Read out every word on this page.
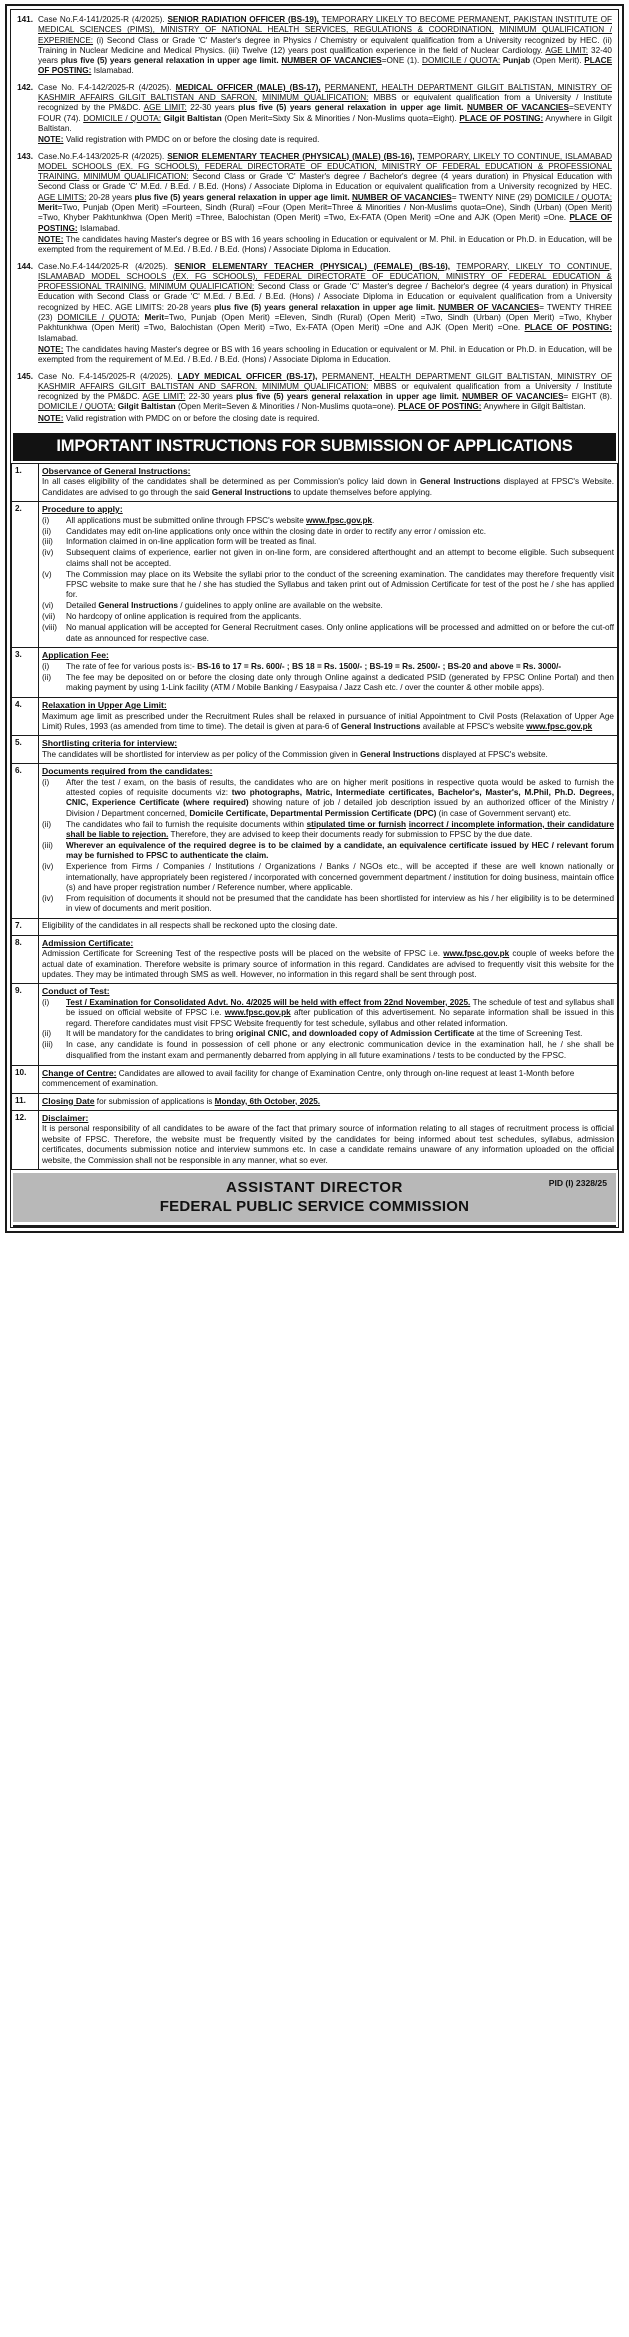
141. Case No.F.4-141/2025-R (4/2025). SENIOR RADIATION OFFICER (BS-19), TEMPORARY LIKELY TO BECOME PERMANENT, PAKISTAN INSTITUTE OF MEDICAL SCIENCES (PIMS), MINISTRY OF NATIONAL HEALTH SERVICES, REGULATIONS & COORDINATION. MINIMUM QUALIFICATION / EXPERIENCE: (i) Second Class or Grade 'C' Master's degree in Physics / Chemistry or equivalent qualification from a University recognized by HEC. (ii) Training in Nuclear Medicine and Medical Physics. (iii) Twelve (12) years post qualification experience in the field of Nuclear Cardiology. AGE LIMIT: 32-40 years plus five (5) years general relaxation in upper age limit. NUMBER OF VACANCIES=ONE (1). DOMICILE / QUOTA: Punjab (Open Merit). PLACE OF POSTING: Islamabad.
142. Case No. F.4-142/2025-R (4/2025). MEDICAL OFFICER (MALE) (BS-17), PERMANENT, HEALTH DEPARTMENT GILGIT BALTISTAN, MINISTRY OF KASHMIR AFFAIRS GILGIT BALTISTAN AND SAFRON. MINIMUM QUALIFICATION: MBBS or equivalent qualification from a University / Institute recognized by the PM&DC. AGE LIMIT: 22-30 years plus five (5) years general relaxation in upper age limit. NUMBER OF VACANCIES=SEVENTY FOUR (74). DOMICILE / QUOTA: Gilgit Baltistan (Open Merit=Sixty Six & Minorities / Non-Muslims quota=Eight). PLACE OF POSTING: Anywhere in Gilgit Baltistan.
NOTE: Valid registration with PMDC on or before the closing date is required.
143. Case.No.F.4-143/2025-R (4/2025). SENIOR ELEMENTARY TEACHER (PHYSICAL) (MALE) (BS-16), TEMPORARY, LIKELY TO CONTINUE, ISLAMABAD MODEL SCHOOLS (EX. FG SCHOOLS), FEDERAL DIRECTORATE OF EDUCATION, MINISTRY OF FEDERAL EDUCATION & PROFESSIONAL TRAINING. MINIMUM QUALIFICATION: Second Class or Grade 'C' Master's degree / Bachelor's degree (4 years duration) in Physical Education with Second Class or Grade 'C' M.Ed. / B.Ed. / B.Ed. (Hons) / Associate Diploma in Education or equivalent qualification from a University recognized by HEC. AGE LIMITS: 20-28 years plus five (5) years general relaxation in upper age limit. NUMBER OF VACANCIES= TWENTY NINE (29) DOMICILE / QUOTA: Merit=Two, Punjab (Open Merit) =Fourteen, Sindh (Rural) =Four (Open Merit=Three & Minorities / Non-Muslims quota=One), Sindh (Urban) (Open Merit) =Two, Khyber Pakhtunkhwa (Open Merit) =Three, Balochistan (Open Merit) =Two, Ex-FATA (Open Merit) =One and AJK (Open Merit) =One. PLACE OF POSTING: Islamabad.
NOTE: The candidates having Master's degree or BS with 16 years schooling in Education or equivalent or M. Phil. in Education or Ph.D. in Education, will be exempted from the requirement of M.Ed. / B.Ed. / B.Ed. (Hons) / Associate Diploma in Education.
144. Case.No.F.4-144/2025-R (4/2025). SENIOR ELEMENTARY TEACHER (PHYSICAL) (FEMALE) (BS-16), TEMPORARY, LIKELY TO CONTINUE, ISLAMABAD MODEL SCHOOLS (EX. FG SCHOOLS), FEDERAL DIRECTORATE OF EDUCATION, MINISTRY OF FEDERAL EDUCATION & PROFESSIONAL TRAINING. MINIMUM QUALIFICATION: Second Class or Grade 'C' Master's degree / Bachelor's degree (4 years duration) in Physical Education with Second Class or Grade 'C' M.Ed. / B.Ed. / B.Ed. (Hons) / Associate Diploma in Education or equivalent qualification from a University recognized by HEC. AGE LIMITS: 20-28 years plus five (5) years general relaxation in upper age limit. NUMBER OF VACANCIES= TWENTY THREE (23) DOMICILE / QUOTA: Merit=Two, Punjab (Open Merit) =Eleven, Sindh (Rural) (Open Merit) =Two, Sindh (Urban) (Open Merit) =Two, Khyber Pakhtunkhwa (Open Merit) =Two, Balochistan (Open Merit) =Two, Ex-FATA (Open Merit) =One and AJK (Open Merit) =One. PLACE OF POSTING: Islamabad.
NOTE: The candidates having Master's degree or BS with 16 years schooling in Education or equivalent or M. Phil. in Education or Ph.D. in Education, will be exempted from the requirement of M.Ed. / B.Ed. / B.Ed. (Hons) / Associate Diploma in Education.
145. Case No. F.4-145/2025-R (4/2025). LADY MEDICAL OFFICER (BS-17), PERMANENT, HEALTH DEPARTMENT GILGIT BALTISTAN, MINISTRY OF KASHMIR AFFAIRS GILGIT BALTISTAN AND SAFRON. MINIMUM QUALIFICATION: MBBS or equivalent qualification from a University / Institute recognized by the PM&DC. AGE LIMIT: 22-30 years plus five (5) years general relaxation in upper age limit. NUMBER OF VACANCIES= EIGHT (8). DOMICILE / QUOTA: Gilgit Baltistan (Open Merit=Seven & Minorities / Non-Muslims quota=one). PLACE OF POSTING: Anywhere in Gilgit Baltistan.
NOTE: Valid registration with PMDC on or before the closing date is required.
IMPORTANT INSTRUCTIONS FOR SUBMISSION OF APPLICATIONS
1.	Observance of General Instructions:
In all cases eligibility of the candidates shall be determined as per Commission's policy laid down in General Instructions displayed at FPSC's Website. Candidates are advised to go through the said General Instructions to update themselves before applying.

2.	Procedure to apply:
(i)	All applications must be submitted online through FPSC's website www.fpsc.gov.pk.
(ii)	Candidates may edit on-line applications only once within the closing date in order to rectify any error / omission etc.
(iii)	Information claimed in on-line application form will be treated as final.
(iv)	Subsequent claims of experience, earlier not given in on-line form, are considered afterthought and an attempt to become eligible. Such subsequent claims shall not be accepted.
(v)	The Commission may place on its Website the syllabi prior to the conduct of the screening examination. The candidates may therefore frequently visit FPSC website to make sure that he / she has studied the Syllabus and taken print out of Admission Certificate for test of the post he / she has applied for.
(vi)	Detailed General Instructions / guidelines to apply online are available on the website.
(vii)	No hardcopy of online application is required from the applicants.
(viii)	No manual application will be accepted for General Recruitment cases. Only online applications will be processed and admitted on or before the cut-off date as announced for respective case.

3.	Application Fee:
(i) The rate of fee for various posts is:- BS-16 to 17 = Rs. 600/- ; BS 18 = Rs. 1500/- ; BS-19 = Rs. 2500/- ; BS-20 and above = Rs. 3000/-
(ii) The fee may be deposited on or before the closing date only through Online against a dedicated PSID (generated by FPSC Online Portal) and then making payment by using 1-Link facility (ATM / Mobile Banking / Easypaisa / Jazz Cash etc. / over the counter & other mobile apps).

4.	Relaxation in Upper Age Limit:
Maximum age limit as prescribed under the Recruitment Rules shall be relaxed in pursuance of initial Appointment to Civil Posts (Relaxation of Upper Age Limit) Rules, 1993 (as amended from time to time). The detail is given at para-6 of General Instructions available at FPSC's website www.fpsc.gov.pk

5.	Shortlisting criteria for interview:
The candidates will be shortlisted for interview as per policy of the Commission given in General Instructions displayed at FPSC's website.

6.	Documents required from the candidates:
(i)	After the test / exam, on the basis of results, the candidates who are on higher merit positions in respective quota would be asked to furnish the attested copies of requisite documents viz: two photographs, Matric, Intermediate certificates, Bachelor's, Master's, M.Phil, Ph.D. Degrees, CNIC, Experience Certificate (where required) showing nature of job / detailed job description issued by an authorized officer of the Ministry / Division / Department concerned, Domicile Certificate, Departmental Permission Certificate (DPC) (in case of Government servant) etc.
(ii)	The candidates who fail to furnish the requisite documents within stipulated time or furnish incorrect / incomplete information, their candidature shall be liable to rejection. Therefore, they are advised to keep their documents ready for submission to FPSC by the due date.
(iii)	Wherever an equivalence of the required degree is to be claimed by a candidate, an equivalence certificate issued by HEC / relevant forum may be furnished to FPSC to authenticate the claim.
(iv)	Experience from Firms / Companies / Institutions / Organizations / Banks / NGOs etc., will be accepted if these are well known nationally or internationally, have appropriately been registered / incorporated with concerned government department / institution for doing business, maintain office (s) and have proper registration number / Reference number, where applicable.
(iv)	From requisition of documents it should not be presumed that the candidate has been shortlisted for interview as his / her eligibility is to be determined in view of documents and merit position.

7.	Eligibility of the candidates in all respects shall be reckoned upto the closing date.

8.	Admission Certificate:
Admission Certificate for Screening Test of the respective posts will be placed on the website of FPSC i.e. www.fpsc.gov.pk couple of weeks before the actual date of examination. Therefore website is primary source of information in this regard. Candidates are advised to frequently visit this website for the updates. They may be intimated through SMS as well. However, no information in this regard shall be sent through post.

9.	Conduct of Test:
(i)	Test / Examination for Consolidated Advt. No. 4/2025 will be held with effect from 22nd November, 2025. The schedule of test and syllabus shall be issued on official website of FPSC i.e. www.fpsc.gov.pk after publication of this advertisement. No separate information shall be issued in this regard. Therefore candidates must visit FPSC Website frequently for test schedule, syllabus and other related information.
(ii)	It will be mandatory for the candidates to bring original CNIC, and downloaded copy of Admission Certificate at the time of Screening Test.
(iii)	In case, any candidate is found in possession of cell phone or any electronic communication device in the examination hall, he / she shall be disqualified from the instant exam and permanently debarred from applying in all future examinations / tests to be conducted by the FPSC.

10.	Change of Centre: Candidates are allowed to avail facility for change of Examination Centre, only through on-line request at least 1-Month before commencement of examination.
11.	Closing Date for submission of applications is Monday, 6th October, 2025.
12.	Disclaimer:
It is personal responsibility of all candidates to be aware of the fact that primary source of information relating to all stages of recruitment process is official website of FPSC. Therefore, the website must be frequently visited by the candidates for being informed about test schedules, syllabus, admission certificates, documents submission notice and interview summons etc. In case a candidate remains unaware of any information uploaded on the official website, the Commission shall not be responsible in any manner, what so ever.
PID (I) 2328/25
ASSISTANT DIRECTOR
FEDERAL PUBLIC SERVICE COMMISSION
